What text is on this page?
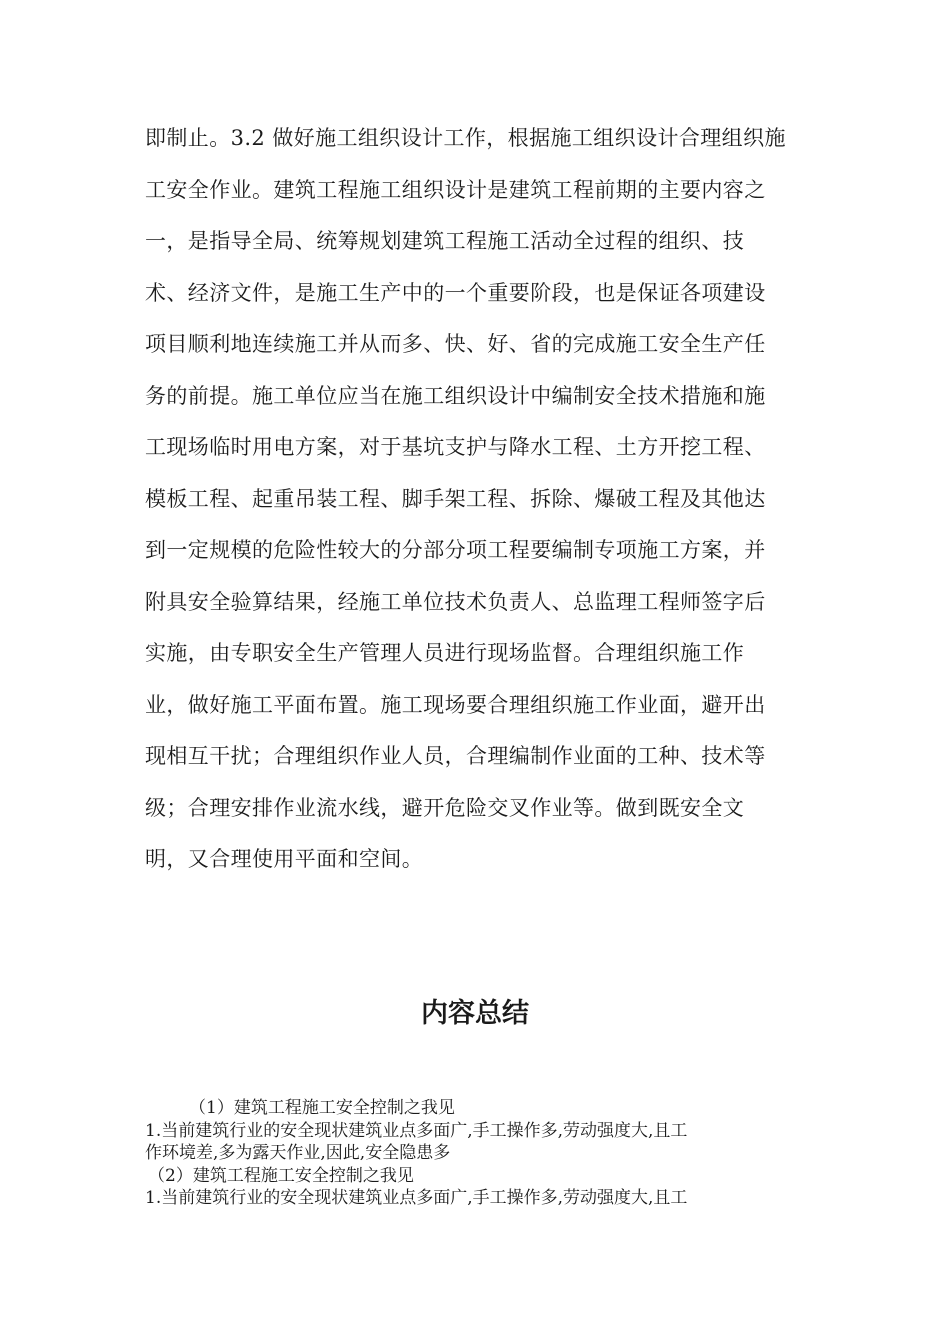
即制止。3.2 做好施工组织设计工作，根据施工组织设计合理组织施
工安全作业。建筑工程施工组织设计是建筑工程前期的主要内容之
一，是指导全局、统筹规划建筑工程施工活动全过程的组织、技
术、经济文件，是施工生产中的一个重要阶段，也是保证各项建设
项目顺利地连续施工并从而多、快、好、省的完成施工安全生产任
务的前提。施工单位应当在施工组织设计中编制安全技术措施和施
工现场临时用电方案，对于基坑支护与降水工程、土方开挖工程、
模板工程、起重吊装工程、脚手架工程、拆除、爆破工程及其他达
到一定规模的危险性较大的分部分项工程要编制专项施工方案，并
附具安全验算结果，经施工单位技术负责人、总监理工程师签字后
实施，由专职安全生产管理人员进行现场监督。合理组织施工作
业，做好施工平面布置。施工现场要合理组织施工作业面，避开出
现相互干扰；合理组织作业人员，合理编制作业面的工种、技术等
级；合理安排作业流水线，避开危险交叉作业等。做到既安全文
明，又合理使用平面和空间。
内容总结
（1）建筑工程施工安全控制之我见
1.当前建筑行业的安全现状建筑业点多面广,手工操作多,劳动强度大,且工
作环境差,多为露天作业,因此,安全隐患多
（2）建筑工程施工安全控制之我见
1.当前建筑行业的安全现状建筑业点多面广,手工操作多,劳动强度大,且工
